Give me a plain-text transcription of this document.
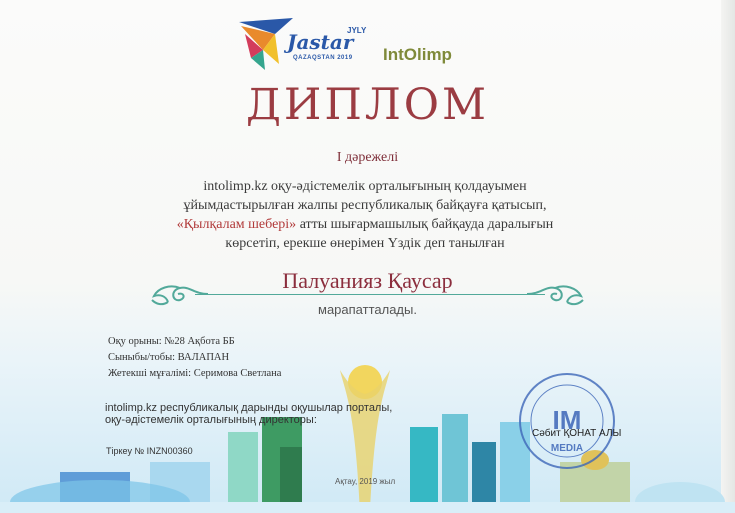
Jastar
JYLY
QAZAQSTAN 2019 IntOlimp
ДИПЛОМ
І дәрежелі
intolimp.kz оқу-әдістемелік орталығының қолдауымен
ұйымдастырылған жалпы республикалық байқауға қатысып,
«Қылқалам шебері» атты шығармашылық байқауда даралығын
көрсетіп, ерекше өнерімен Үздік деп танылған
Палуанияз Қаусар
марапатталады.
Оқу орыны: №28 Ақбота ББ
Сыныбы/тобы: ВАЛАПАН
Жетекші мұғалімі: Серимова Светлана
intolimp.kz республикалық дарынды оқушылар порталы,
оқу-әдістемелік орталығының директоры:
Тіркеу № INZN00360
Ақтау, 2019 жыл
IM
MEDIA
Сәбит ҚОНАТ АЛЫ
